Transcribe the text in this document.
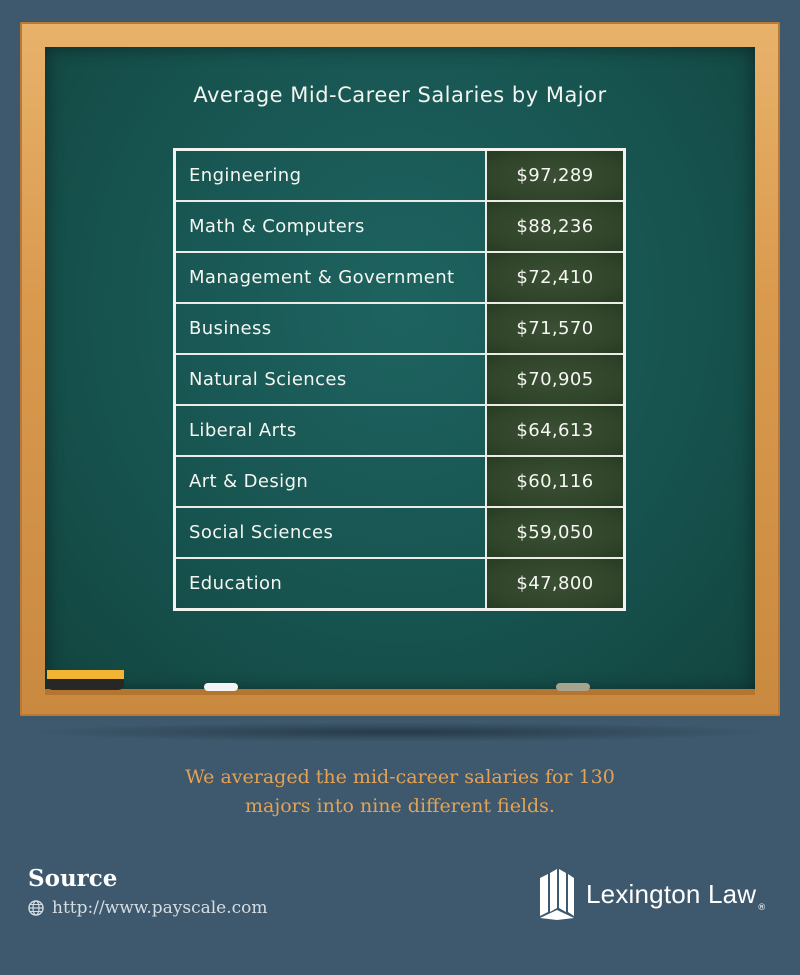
Average Mid-Career Salaries by Major
Engineering	$97,289
Math & Computers	$88,236
Management & Government	$72,410
Business	$71,570
Natural Sciences	$70,905
Liberal Arts	$64,613
Art & Design	$60,116
Social Sciences	$59,050
Education	$47,800
We averaged the mid-career salaries for 130
majors into nine different fields.
Source
http://www.payscale.com	Lexington Law ®
